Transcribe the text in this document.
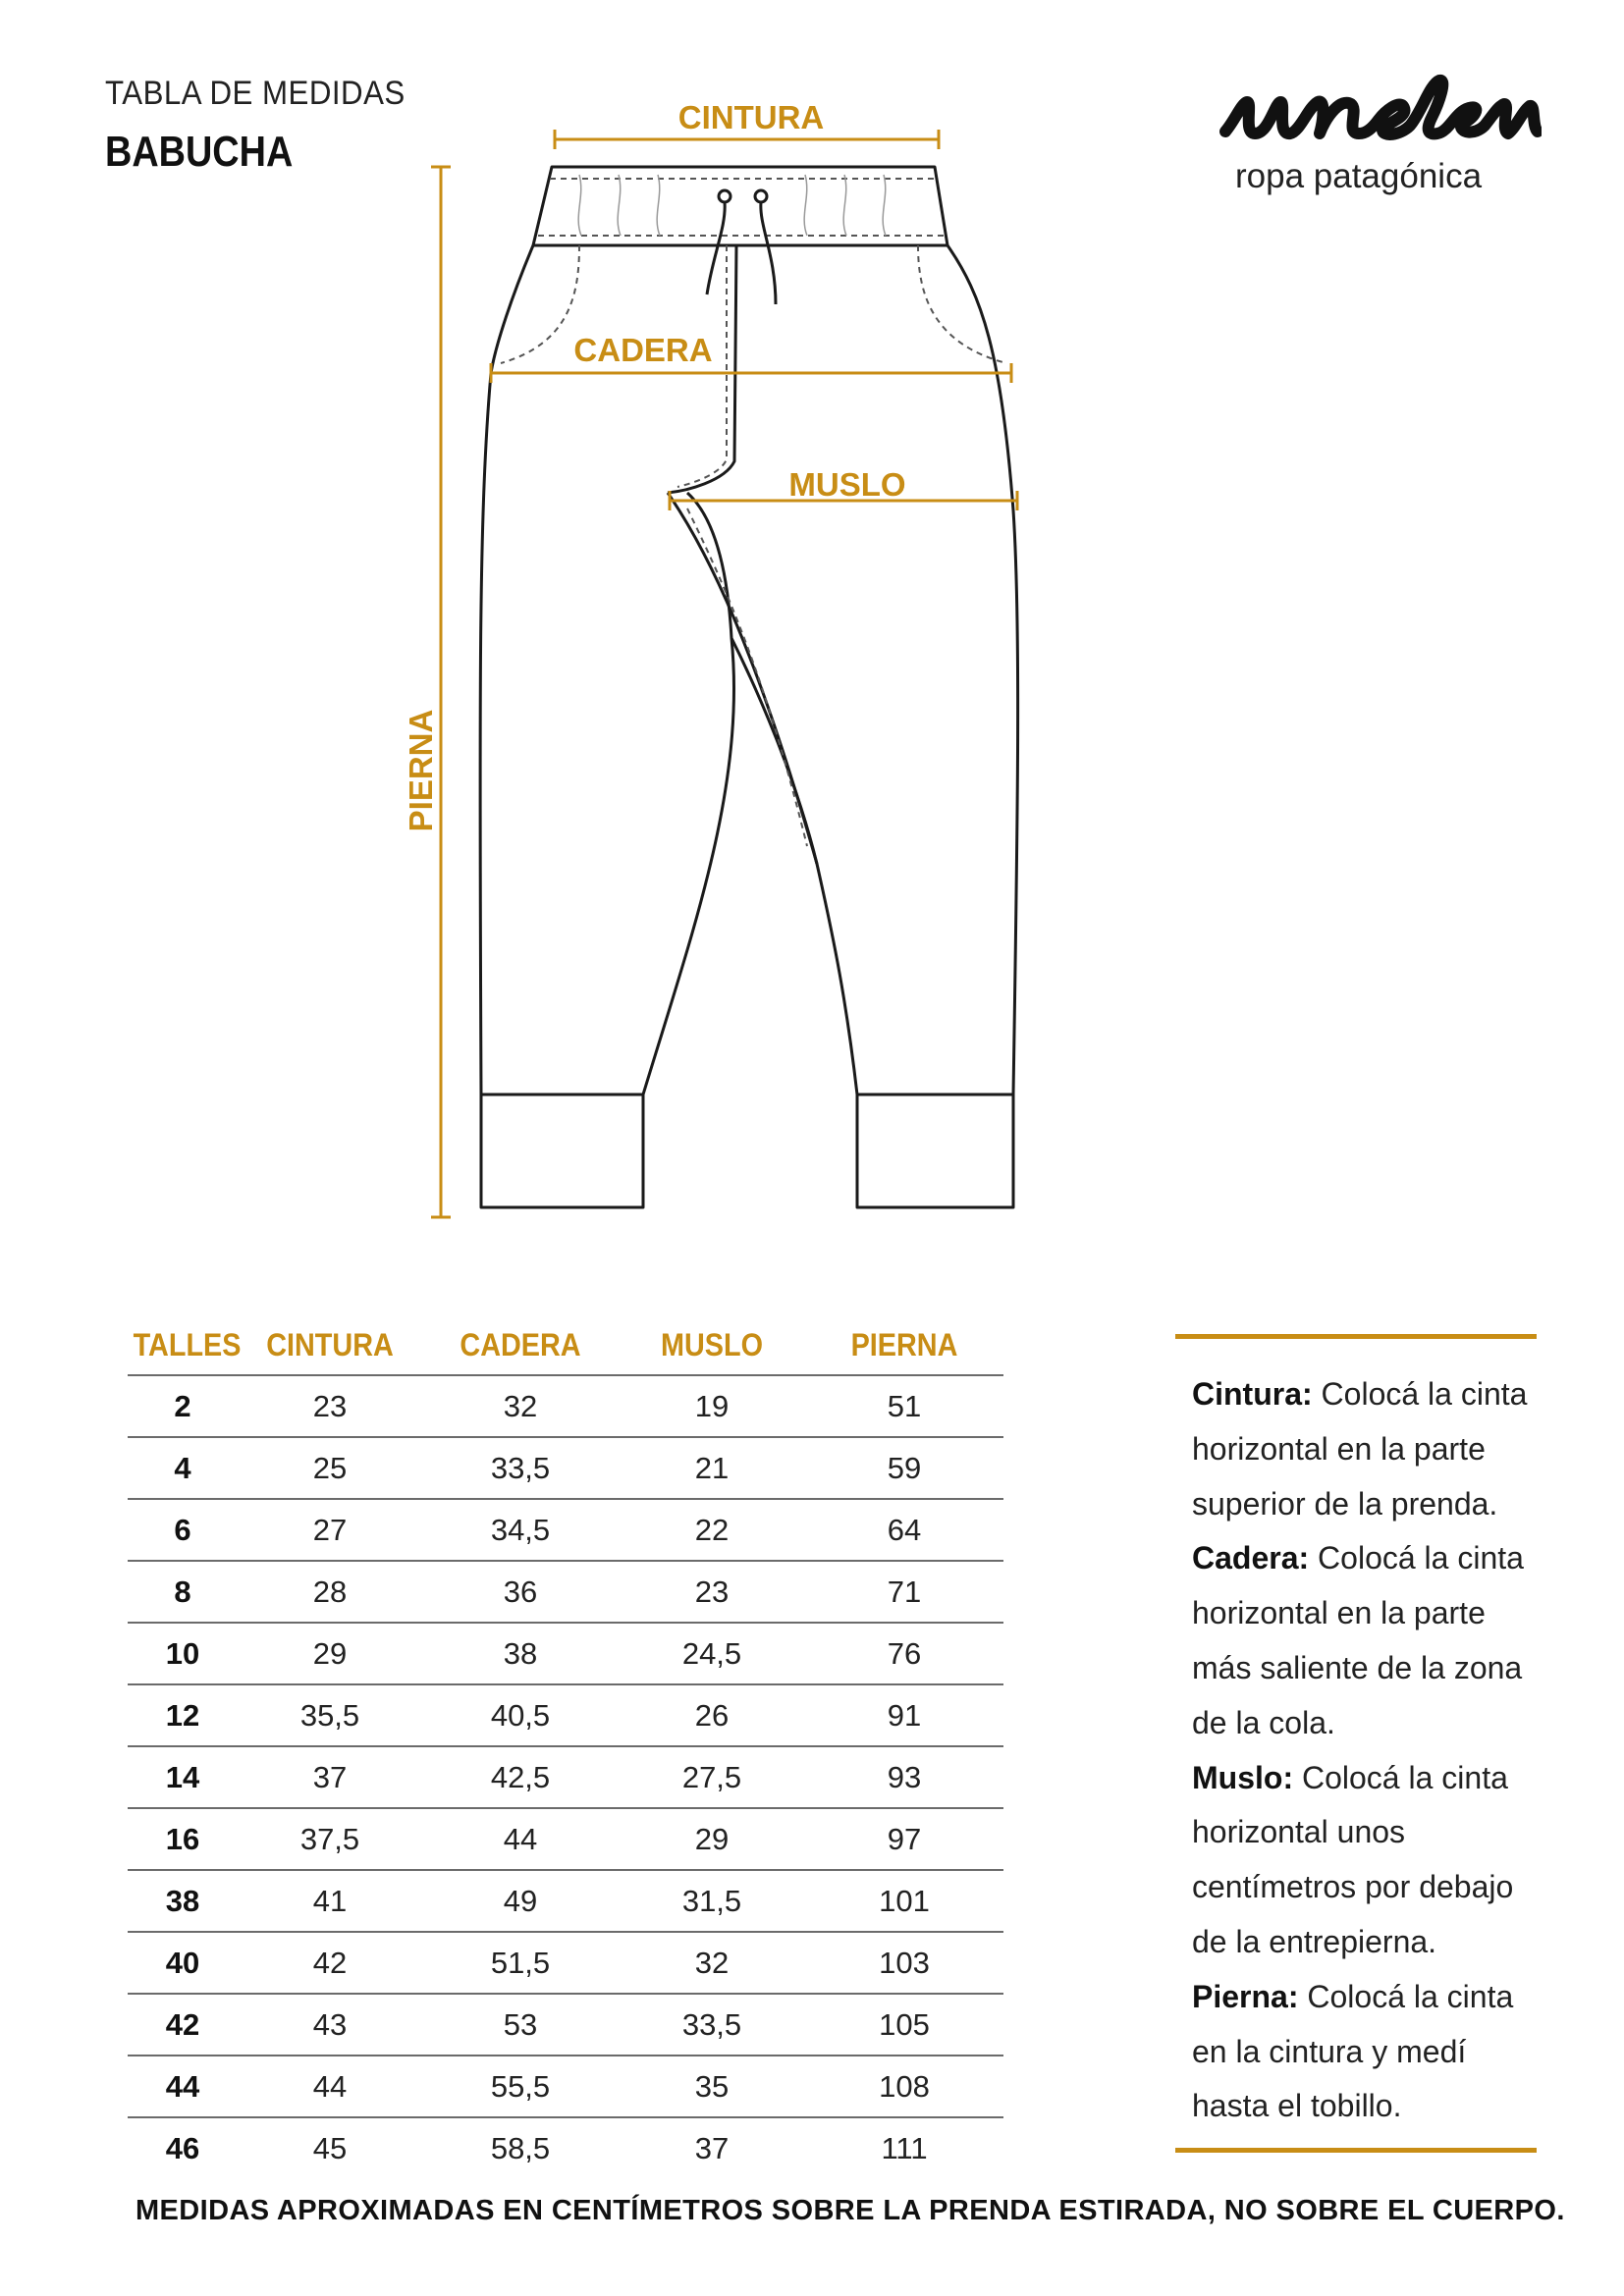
TABLA DE MEDIDAS
BABUCHA
ropa patagónica
CINTURA
CADERA
MUSLO
PIERNA
TALLES CINTURA	CADERA	MUSLO	PIERNA
2	23	32	19	51
4	25	33,5	21	59
6	27	34,5	22	64
8	28	36	23	71
10	29	38	24,5	76
12	35,5	40,5	26	91
14	37	42,5	27,5	93
16	37,5	44	29	97
38	41	49	31,5	101
40	42	51,5	32	103
42	43	53	33,5	105
44	44	55,5	35	108
46	45	58,5	37	111

Cintura: Colocá la cinta horizontal en la parte superior de la prenda.

Cadera: Colocá la cinta horizontal en la parte más saliente de la zona de la cola.

Muslo: Colocá la cinta horizontal unos centímetros por debajo de la entrepierna.

Pierna: Colocá la cinta en la cintura y medí hasta el tobillo.

MEDIDAS APROXIMADAS EN CENTÍMETROS SOBRE LA PRENDA ESTIRADA, NO SOBRE EL CUERPO.
